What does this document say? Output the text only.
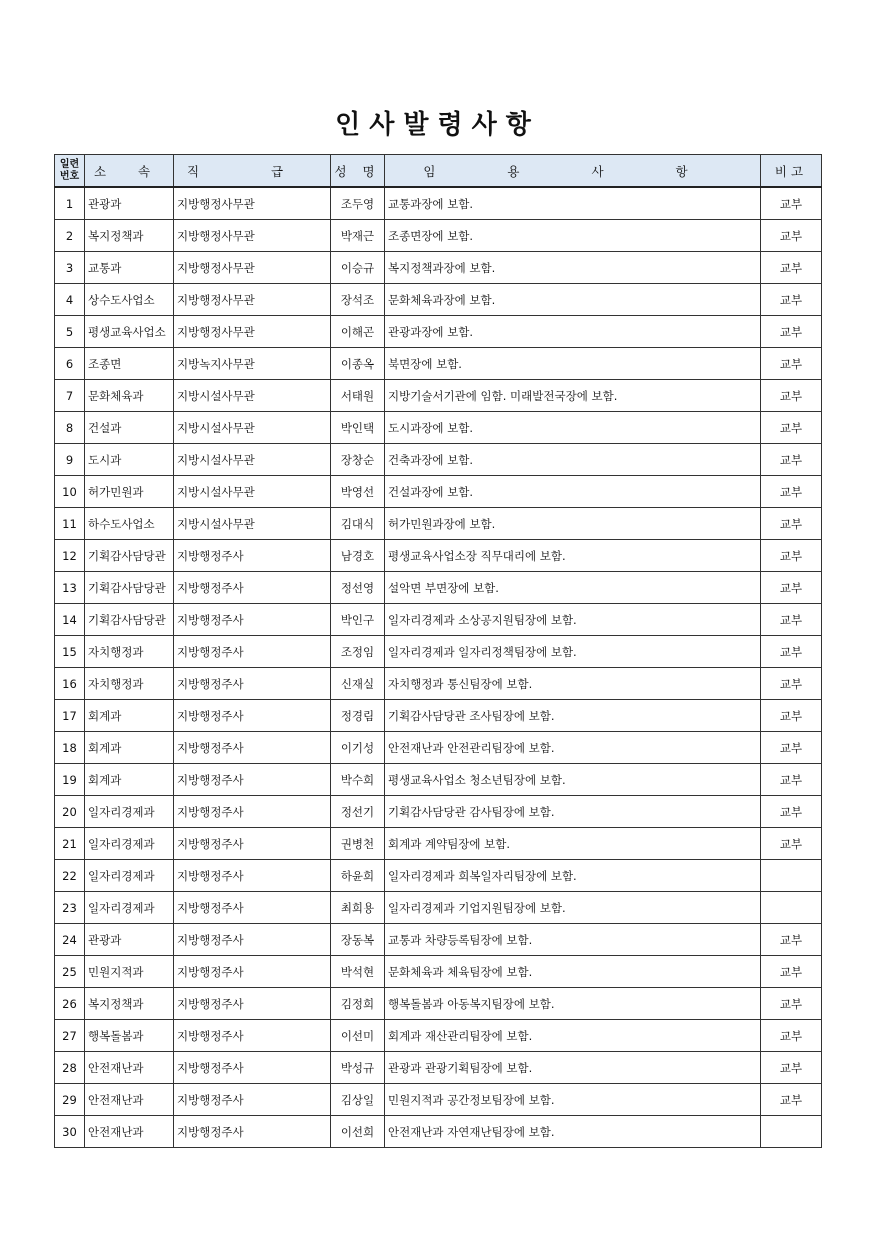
인사발령사항
일련
번호	소 속	직 급	성 명	임 용 사 항	비고
1	관광과	지방행정사무관	조두영	교통과장에 보함.	교부
2	복지정책과	지방행정사무관	박재근	조종면장에 보함.	교부
3	교통과	지방행정사무관	이승규	복지정책과장에 보함.	교부
4	상수도사업소	지방행정사무관	장석조	문화체육과장에 보함.	교부
5	평생교육사업소	지방행정사무관	이해곤	관광과장에 보함.	교부
6	조종면	지방녹지사무관	이종옥	북면장에 보함.	교부
7	문화체육과	지방시설사무관	서태원	지방기술서기관에 임함. 미래발전국장에 보함.	교부
8	건설과	지방시설사무관	박인택	도시과장에 보함.	교부
9	도시과	지방시설사무관	장창순	건축과장에 보함.	교부
10	허가민원과	지방시설사무관	박영선	건설과장에 보함.	교부
11	하수도사업소	지방시설사무관	김대식	허가민원과장에 보함.	교부
12	기획감사담당관	지방행정주사	남경호	평생교육사업소장 직무대리에 보함.	교부
13	기획감사담당관	지방행정주사	정선영	설악면 부면장에 보함.	교부
14	기획감사담당관	지방행정주사	박인구	일자리경제과 소상공지원팀장에 보함.	교부
15	자치행정과	지방행정주사	조정임	일자리경제과 일자리정책팀장에 보함.	교부
16	자치행정과	지방행정주사	신재실	자치행정과 통신팀장에 보함.	교부
17	회계과	지방행정주사	정경림	기획감사담당관 조사팀장에 보함.	교부
18	회계과	지방행정주사	이기성	안전재난과 안전관리팀장에 보함.	교부
19	회계과	지방행정주사	박수희	평생교육사업소 청소년팀장에 보함.	교부
20	일자리경제과	지방행정주사	정선기	기획감사담당관 감사팀장에 보함.	교부
21	일자리경제과	지방행정주사	권병천	회계과 계약팀장에 보함.	교부
22	일자리경제과	지방행정주사	하윤희	일자리경제과 희복일자리팀장에 보함.	
23	일자리경제과	지방행정주사	최희용	일자리경제과 기업지원팀장에 보함.	
24	관광과	지방행정주사	장동복	교통과 차량등록팀장에 보함.	교부
25	민원지적과	지방행정주사	박석현	문화체육과 체육팀장에 보함.	교부
26	복지정책과	지방행정주사	김정희	행복돌봄과 아동복지팀장에 보함.	교부
27	행복돌봄과	지방행정주사	이선미	회계과 재산관리팀장에 보함.	교부
28	안전재난과	지방행정주사	박성규	관광과 관광기획팀장에 보함.	교부
29	안전재난과	지방행정주사	김상일	민원지적과 공간정보팀장에 보함.	교부
30	안전재난과	지방행정주사	이선희	안전재난과 자연재난팀장에 보함.	
